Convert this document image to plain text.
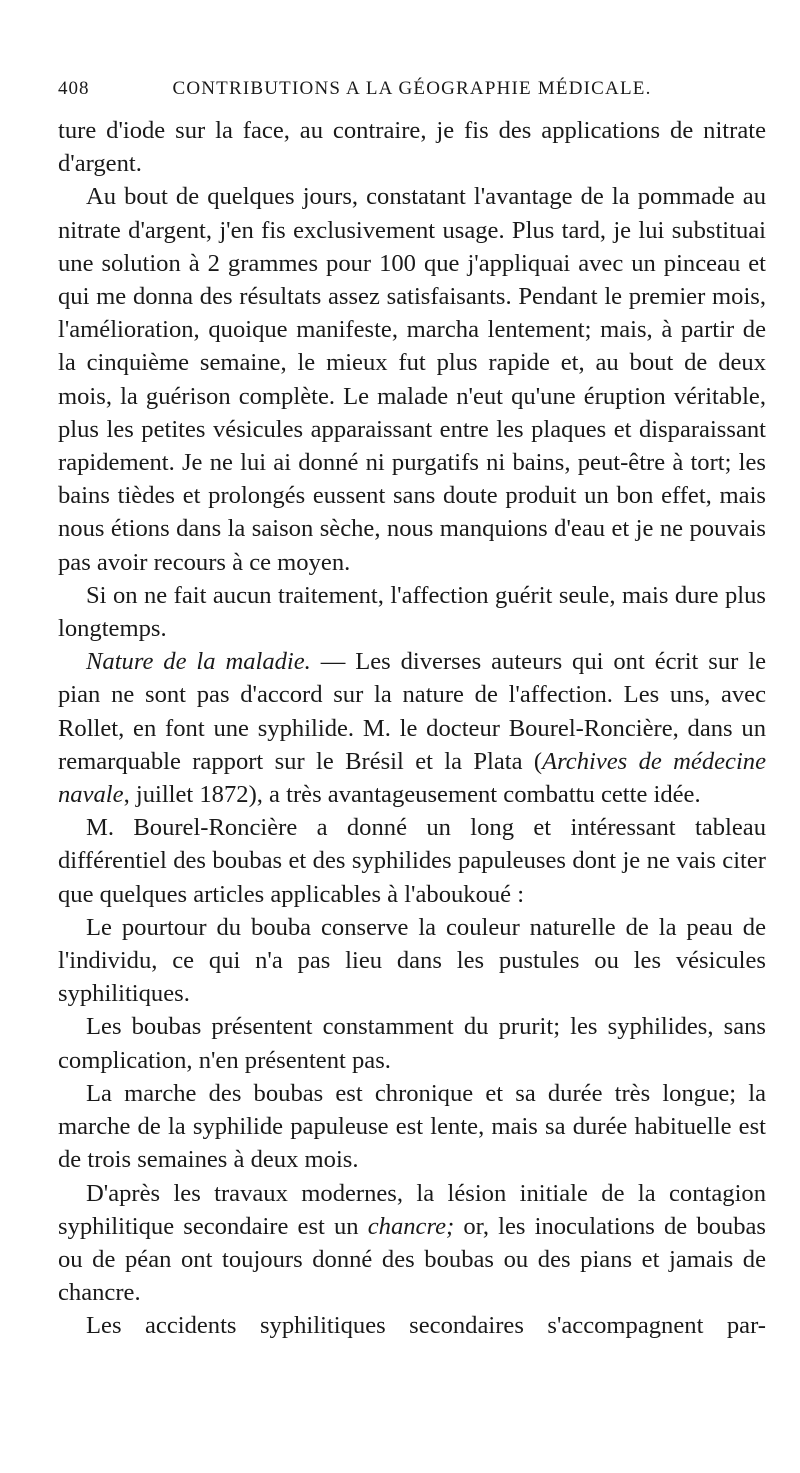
408	CONTRIBUTIONS A LA GÉOGRAPHIE MÉDICALE.

ture d'iode sur la face, au contraire, je fis des applications de nitrate d'argent.

Au bout de quelques jours, constatant l'avantage de la pommade au nitrate d'argent, j'en fis exclusivement usage. Plus tard, je lui substituai une solution à 2 grammes pour 100 que j'appliquai avec un pinceau et qui me donna des résultats assez satisfaisants. Pendant le premier mois, l'amélioration, quoique manifeste, marcha lentement; mais, à partir de la cinquième semaine, le mieux fut plus rapide et, au bout de deux mois, la guérison complète. Le malade n'eut qu'une éruption véritable, plus les petites vésicules apparaissant entre les plaques et disparaissant rapidement. Je ne lui ai donné ni purgatifs ni bains, peut-être à tort; les bains tièdes et prolongés eussent sans doute produit un bon effet, mais nous étions dans la saison sèche, nous manquions d'eau et je ne pouvais pas avoir recours à ce moyen.

Si on ne fait aucun traitement, l'affection guérit seule, mais dure plus longtemps.

Nature de la maladie. — Les diverses auteurs qui ont écrit sur le pian ne sont pas d'accord sur la nature de l'affection. Les uns, avec Rollet, en font une syphilide. M. le docteur Bourel-Roncière, dans un remarquable rapport sur le Brésil et la Plata (Archives de médecine navale, juillet 1872), a très avantageusement combattu cette idée.

M. Bourel-Roncière a donné un long et intéressant tableau différentiel des boubas et des syphilides papuleuses dont je ne vais citer que quelques articles applicables à l'aboukoué :

Le pourtour du bouba conserve la couleur naturelle de la peau de l'individu, ce qui n'a pas lieu dans les pustules ou les vésicules syphilitiques.

Les boubas présentent constamment du prurit; les syphilides, sans complication, n'en présentent pas.

La marche des boubas est chronique et sa durée très longue; la marche de la syphilide papuleuse est lente, mais sa durée habituelle est de trois semaines à deux mois.

D'après les travaux modernes, la lésion initiale de la contagion syphilitique secondaire est un chancre; or, les inoculations de boubas ou de péan ont toujours donné des boubas ou des pians et jamais de chancre.

Les accidents syphilitiques secondaires s'accompagnent par-
